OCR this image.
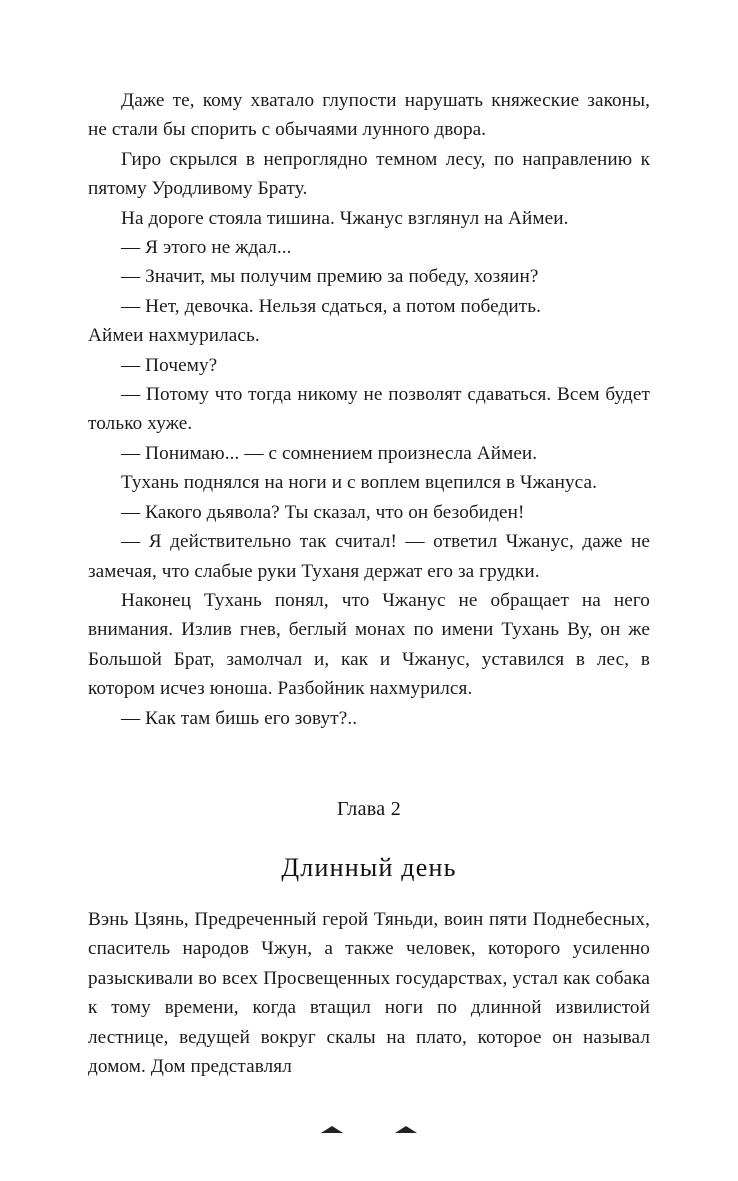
Даже те, кому хватало глупости нарушать княжеские законы, не стали бы спорить с обычаями лунного двора.

Гиро скрылся в непроглядно темном лесу, по направлению к пятому Уродливому Брату.

На дороге стояла тишина. Чжанус взглянул на Аймеи.

— Я этого не ждал...

— Значит, мы получим премию за победу, хозяин?

— Нет, девочка. Нельзя сдаться, а потом победить.

Аймеи нахмурилась.

— Почему?

— Потому что тогда никому не позволят сдаваться. Всем будет только хуже.

— Понимаю... — с сомнением произнесла Аймеи.

Тухань поднялся на ноги и с воплем вцепился в Чжануса.

— Какого дьявола? Ты сказал, что он безобиден!

— Я действительно так считал! — ответил Чжанус, даже не замечая, что слабые руки Туханя держат его за грудки.

Наконец Тухань понял, что Чжанус не обращает на него внимания. Излив гнев, беглый монах по имени Тухань Ву, он же Большой Брат, замолчал и, как и Чжанус, уставился в лес, в котором исчез юноша. Разбойник нахмурился.

— Как там бишь его зовут?..

Глава 2
Длинный день

Вэнь Цзянь, Предреченный герой Тяньди, воин пяти Поднебесных, спаситель народов Чжун, а также человек, которого усиленно разыскивали во всех Просвещенных государствах, устал как собака к тому времени, когда втащил ноги по длинной извилистой лестнице, ведущей вокруг скалы на плато, которое он называл домом. Дом представлял
